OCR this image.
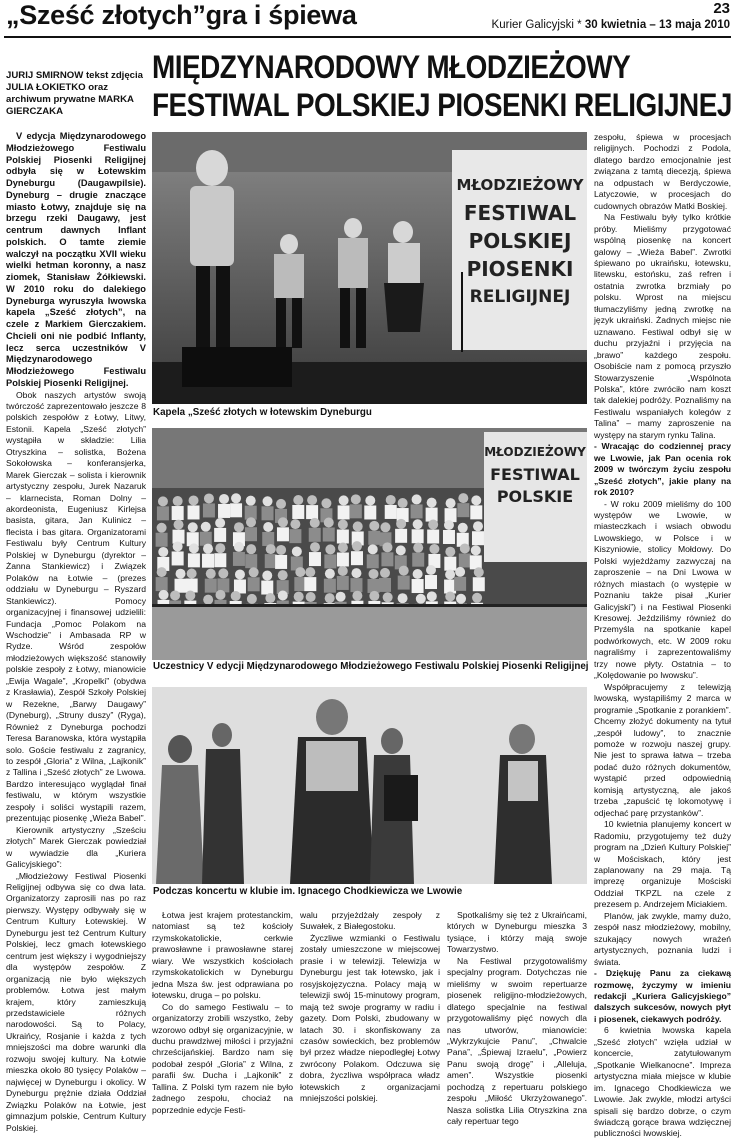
„Sześć złotych”gra i śpiewa	23
Kurier Galicyjski * 30 kwietnia – 13 maja 2010
MIĘDZYNARODOWY MŁODZIEŻOWY
FESTIWAL POLSKIEJ PIOSENKI RELIGIJNEJ
JURIJ SMIRNOW tekst zdjęcia JULIA ŁOKIETKO oraz archiwum prywatne MARKA GIERCZAKA

V edycja Międzynarodowego Młodzieżowego Festiwalu Polskiej Piosenki Religijnej odbyła się w Łotewskim Dyneburgu (Daugawpilsie). Dyneburg – drugie znaczące miasto Łotwy, znajduje się na brzegu rzeki Daugawy, jest centrum dawnych Inflant polskich. O tamte ziemie walczył na początku XVII wieku wielki hetman koronny, a nasz ziomek, Stanisław Żółkiewski. W 2010 roku do dalekiego Dyneburga wyruszyła lwowska kapela „Sześć złotych”, na czele z Markiem Gierczakiem. Chcieli oni nie podbić Inflanty, lecz serca uczestników V Międzynarodowego Młodzieżowego Festiwalu Polskiej Piosenki Religijnej.

Obok naszych artystów swoją twórczość zaprezentowało jeszcze 8 polskich zespołów z Łotwy, Litwy, Estonii. Kapela „Sześć złotych” wystąpiła w składzie: Lilia Otryszkina – solistka, Bożena Sokołowska – konferansjerka, Marek Gierczak – solista i kierownik artystyczny zespołu, Jurek Nazaruk – klarnecista, Roman Dolny – akordeonista, Eugeniusz Kirlejsa basista, gitara, Jan Kulinicz – flecista i bas gitara. Organizatorami Festiwalu były Centrum Kultury Polskiej w Dyneburgu (dyrektor – Żanna Stankiewicz) i Związek Polaków na Łotwie – (prezes oddziału w Dyneburgu – Ryszard Stankiewicz). Pomocy organizacyjnej i finansowej udzielili: Fundacja „Pomoc Polakom na Wschodzie” i Ambasada RP w Rydze. Wśród zespołów młodzieżowych większość stanowiły polskie zespoły z Łotwy, mianowicie „Ewija Wagale”, „Kropelki” (obydwa z Krasławia), Zespół Szkoły Polskiej w Rezekne, „Barwy Daugawy” (Dyneburg), „Struny duszy” (Ryga), Również z Dyneburga pochodzi Teresa Baranowska, która wystąpiła solo. Goście festiwalu z zagranicy, to zespół „Gloria” z Wilna, „Lajkonik” z Tallina i „Sześć złotych” ze Lwowa. Bardzo interesująco wyglądał finał festiwalu, w którym wszystkie zespoły i soliści wystąpili razem, prezentując piosenkę „Wieża Babel”.

Kierownik artystyczny „Sześciu złotych” Marek Gierczak powiedział w wywiadzie dla „Kuriera Galicyjskiego”:

„Młodzieżowy Festiwal Piosenki Religijnej odbywa się co dwa lata. Organizatorzy zaprosili nas po raz pierwszy. Występy odbywały się w Centrum Kultury Łotewskiej. W Dyneburgu jest też Centrum Kultury Polskiej, lecz gmach łotewskiego centrum jest większy i wygodniejszy dla występów zespołów. Z organizacją nie było większych problemów. Łotwa jest małym krajem, który zamieszkują przedstawiciele różnych narodowości. Są to Polacy, Ukraińcy, Rosjanie i każda z tych mniejszości ma dobre warunki dla rozwoju swojej kultury. Na Łotwie mieszka około 80 tysięcy Polaków – najwięcej w Dyneburgu i okolicy. W Dyneburgu prężnie działa Oddział Związku Polaków na Łotwie, jest gimnazjum polskie, Centrum Kultury Polskiej.

MŁODZIEŻOWY
FESTIWAL
POLSKIEJ
PIOSENKI
RELIGIJNEJ
Kapela „Sześć złotych w łotewskim Dyneburgu
MŁODZIEŻOWY
FESTIWAL
POLSKIE
Uczestnicy V edycji Międzynarodowego Młodzieżowego Festiwalu Polskiej Piosenki Religijnej
Podczas koncertu w klubie im. Ignacego Chodkiewicza we Lwowie

Łotwa jest krajem protestanckim, natomiast są też kościoły rzymskokatolickie, cerkwie prawosławne i prawosławne starej wiary. We wszystkich kościołach rzymskokatolickich w Dyneburgu jedna Msza św. jest odprawiana po łotewsku, druga – po polsku.

Co do samego Festiwalu – to organizatorzy zrobili wszystko, żeby wzorowo odbył się organizacyjnie, w duchu prawdziwej miłości i przyjaźni chrześcijańskiej. Bardzo nam się podobał zespół „Gloria” z Wilna, z parafii św. Ducha i „Lajkonik” z Tallina. Z Polski tym razem nie było żadnego zespołu, chociaż na poprzednie edycje Festi-

walu przyjeżdżały zespoły z Suwałek, z Białegostoku.

Życzliwe wzmianki o Festiwalu zostały umieszczone w miejscowej prasie i w telewizji. Telewizja w Dyneburgu jest tak łotewsko, jak i rosyjskojęzyczna. Polacy mają w telewizji swój 15-minutowy program, mają też swoje programy w radiu i gazety. Dom Polski, zbudowany w latach 30. i skonfiskowany za czasów sowieckich, bez problemów był przez władze niepodległej Łotwy zwrócony Polakom. Odczuwa się dobra, życzliwa współpraca władz łotewskich z organizacjami mniejszości polskiej.

Spotkaliśmy się też z Ukraińcami, których w Dyneburgu mieszka 3 tysiące, i którzy mają swoje Towarzystwo.

Na Festiwal przygotowaliśmy specjalny program. Dotychczas nie mieliśmy w swoim repertuarze piosenek religijno-młodzieżowych, dlatego specjalnie na festiwal przygotowaliśmy pięć nowych dla nas utworów, mianowicie: „Wykrzykujcie Panu”, „Chwalcie Pana”, „Śpiewaj Izraelu”, „Powierz Panu swoją drogę” i „Alleluja, amen”. Wszystkie piosenki pochodzą z repertuaru polskiego zespołu „Miłość Ukrzyżowanego”. Nasza solistka Lilia Otryszkina zna cały repertuar tego

zespołu, śpiewa w procesjach religijnych. Pochodzi z Podola, dlatego bardzo emocjonalnie jest związana z tamtą diecezją, śpiewa na odpustach w Berdyczowie, Latyczowie, w procesjach do cudownych obrazów Matki Boskiej.

Na Festiwalu były tylko krótkie próby. Mieliśmy przygotować wspólną piosenkę na koncert galowy – „Wieża Babel”. Zwrotki śpiewano po ukraińsku, łotewsku, litewsku, estońsku, zaś refren i ostatnia zwrotka brzmiały po polsku. Wprost na miejscu tłumaczyliśmy jedną zwrotkę na język ukraiński. Żadnych miejsc nie uznawano. Festiwal odbył się w duchu przyjaźni i przyjęcia na „brawo” każdego zespołu. Osobiście nam z pomocą przyszło Stowarzyszenie „Wspólnota Polska”, które zwróciło nam koszt tak dalekiej podróży. Poznaliśmy na Festiwalu wspaniałych kolegów z Talina” – mamy zaproszenie na występy na starym rynku Talina.

- Wracając do codziennej pracy we Lwowie, jak Pan ocenia rok 2009 w twórczym życiu zespołu „Sześć złotych”, jakie plany na rok 2010?

- W roku 2009 mieliśmy do 100 występów we Lwowie, w miasteczkach i wsiach obwodu Lwowskiego, w Polsce i w Kiszyniowie, stolicy Mołdowy. Do Polski wyjeżdżamy zazwyczaj na zaproszenie – na Dni Lwowa w różnych miastach (o występie w Poznaniu także pisał „Kurier Galicyjski”) i na Festiwal Piosenki Kresowej. Jeździliśmy również do Przemyśla na spotkanie kapel podwórkowych, etc. W 2009 roku nagraliśmy i zaprezentowaliśmy trzy nowe płyty. Ostatnia – to „Kolędowanie po lwowsku”.

Współpracujemy z telewizją lwowską, wystąpiliśmy 2 marca w programie „Spotkanie z porankiem”. Chcemy złożyć dokumenty na tytuł „zespół ludowy”, to znacznie pomoże w rozwoju naszej grupy. Nie jest to sprawa łatwa – trzeba podać dużo różnych dokumentów, wystąpić przed odpowiednią komisją artystyczną, ale jakoś trzeba „zapuścić tę lokomotywę i odjechać parę przystanków”.

10 kwietnia planujemy koncert w Radomiu, przygotujemy też duży program na „Dzień Kultury Polskiej” w Mościskach, który jest zaplanowany na 29 maja. Tą imprezę organizuje Mościski Oddział TKPZL na czele z prezesem p. Andrzejem Miciakiem.

Planów, jak zwykle, mamy dużo, zespół nasz młodzieżowy, mobilny, szukający nowych wrażeń artystycznych, poznania ludzi i świata.

- Dziękuję Panu za ciekawą rozmowę, życzymy w imieniu redakcji „Kuriera Galicyjskiego” dalszych sukcesów, nowych płyt i piosenek, ciekawych podróży.

6 kwietnia lwowska kapela „Sześć złotych” wzięła udział w koncercie, zatytułowanym „Spotkanie Wielkanocne”. Impreza artystyczna miała miejsce w klubie im. Ignacego Chodkiewicza we Lwowie. Jak zwykle, młodzi artyści spisali się bardzo dobrze, o czym świadczą gorące brawa wdzięcznej publiczności lwowskiej.
